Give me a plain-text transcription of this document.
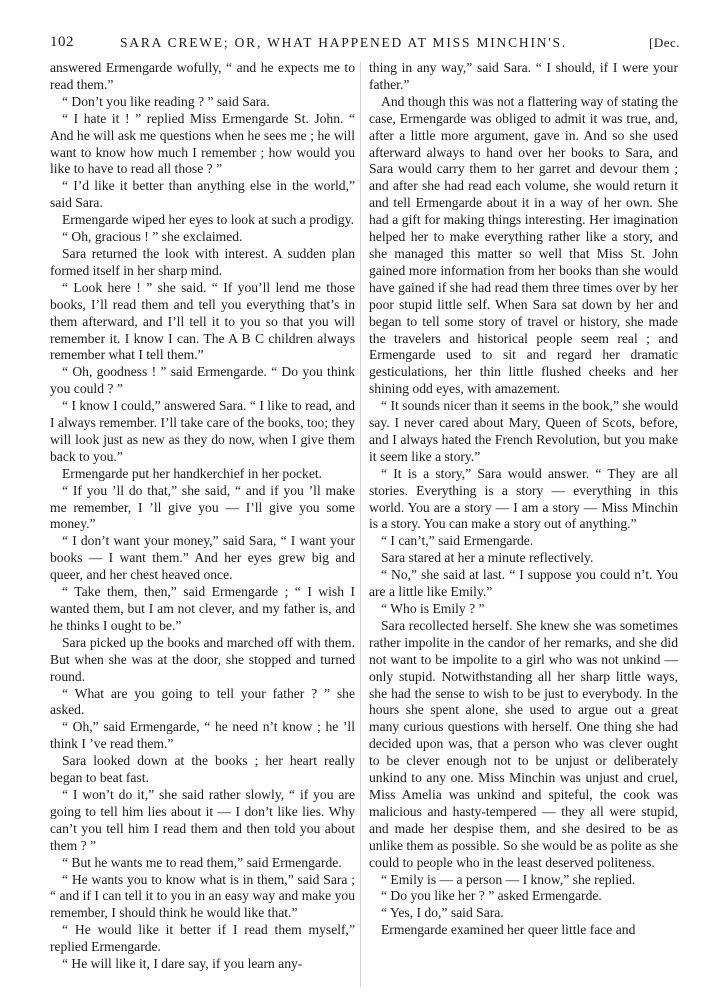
102	SARA CREWE; OR, WHAT HAPPENED AT MISS MINCHIN'S.	[Dec.

answered Ermengarde wofully, “ and he expects me to read them.”

“ Don’t you like reading ? ” said Sara.

“ I hate it ! ” replied Miss Ermengarde St. John. “ And he will ask me questions when he sees me ; he will want to know how much I remember ; how would you like to have to read all those ? ”

“ I’d like it better than anything else in the world,” said Sara.

Ermengarde wiped her eyes to look at such a prodigy.

“ Oh, gracious ! ” she exclaimed.

Sara returned the look with interest. A sudden plan formed itself in her sharp mind.

“ Look here ! ” she said. “ If you’ll lend me those books, I’ll read them and tell you everything that’s in them afterward, and I’ll tell it to you so that you will remember it. I know I can. The A B C children always remember what I tell them.”

“ Oh, goodness ! ” said Ermengarde. “ Do you think you could ? ”

“ I know I could,” answered Sara. “ I like to read, and I always remember. I’ll take care of the books, too; they will look just as new as they do now, when I give them back to you.”

Ermengarde put her handkerchief in her pocket.

“ If you ’ll do that,” she said, “ and if you ’ll make me remember, I ’ll give you — I’ll give you some money.”

“ I don’t want your money,” said Sara, “ I want your books — I want them.” And her eyes grew big and queer, and her chest heaved once.

“ Take them, then,” said Ermengarde ; “ I wish I wanted them, but I am not clever, and my father is, and he thinks I ought to be.”

Sara picked up the books and marched off with them. But when she was at the door, she stopped and turned round.

“ What are you going to tell your father ? ” she asked.

“ Oh,” said Ermengarde, “ he need n’t know ; he ’ll think I ’ve read them.”

Sara looked down at the books ; her heart really began to beat fast.

“ I won’t do it,” she said rather slowly, “ if you are going to tell him lies about it — I don’t like lies. Why can’t you tell him I read them and then told you about them ? ”

“ But he wants me to read them,” said Ermengarde.

“ He wants you to know what is in them,” said Sara ; “ and if I can tell it to you in an easy way and make you remember, I should think he would like that.”

“ He would like it better if I read them myself,” replied Ermengarde.

“ He will like it, I dare say, if you learn any-

thing in any way,” said Sara. “ I should, if I were your father.”

And though this was not a flattering way of stating the case, Ermengarde was obliged to admit it was true, and, after a little more argument, gave in. And so she used afterward always to hand over her books to Sara, and Sara would carry them to her garret and devour them ; and after she had read each volume, she would return it and tell Ermengarde about it in a way of her own. She had a gift for making things interesting. Her imagination helped her to make everything rather like a story, and she managed this matter so well that Miss St. John gained more information from her books than she would have gained if she had read them three times over by her poor stupid little self. When Sara sat down by her and began to tell some story of travel or history, she made the travelers and historical people seem real ; and Ermengarde used to sit and regard her dramatic gesticulations, her thin little flushed cheeks and her shining odd eyes, with amazement.

“ It sounds nicer than it seems in the book,” she would say. I never cared about Mary, Queen of Scots, before, and I always hated the French Revolution, but you make it seem like a story.”

“ It is a story,” Sara would answer. “ They are all stories. Everything is a story — everything in this world. You are a story — I am a story — Miss Minchin is a story. You can make a story out of anything.”

“ I can’t,” said Ermengarde.

Sara stared at her a minute reflectively.

“ No,” she said at last. “ I suppose you could n’t. You are a little like Emily.”

“ Who is Emily ? ”

Sara recollected herself. She knew she was sometimes rather impolite in the candor of her remarks, and she did not want to be impolite to a girl who was not unkind — only stupid. Notwithstanding all her sharp little ways, she had the sense to wish to be just to everybody. In the hours she spent alone, she used to argue out a great many curious questions with herself. One thing she had decided upon was, that a person who was clever ought to be clever enough not to be unjust or deliberately unkind to any one. Miss Minchin was unjust and cruel, Miss Amelia was unkind and spiteful, the cook was malicious and hasty-tempered — they all were stupid, and made her despise them, and she desired to be as unlike them as possible. So she would be as polite as she could to people who in the least deserved politeness.

“ Emily is — a person — I know,” she replied.

“ Do you like her ? ” asked Ermengarde.

“ Yes, I do,” said Sara.

Ermengarde examined her queer little face and
